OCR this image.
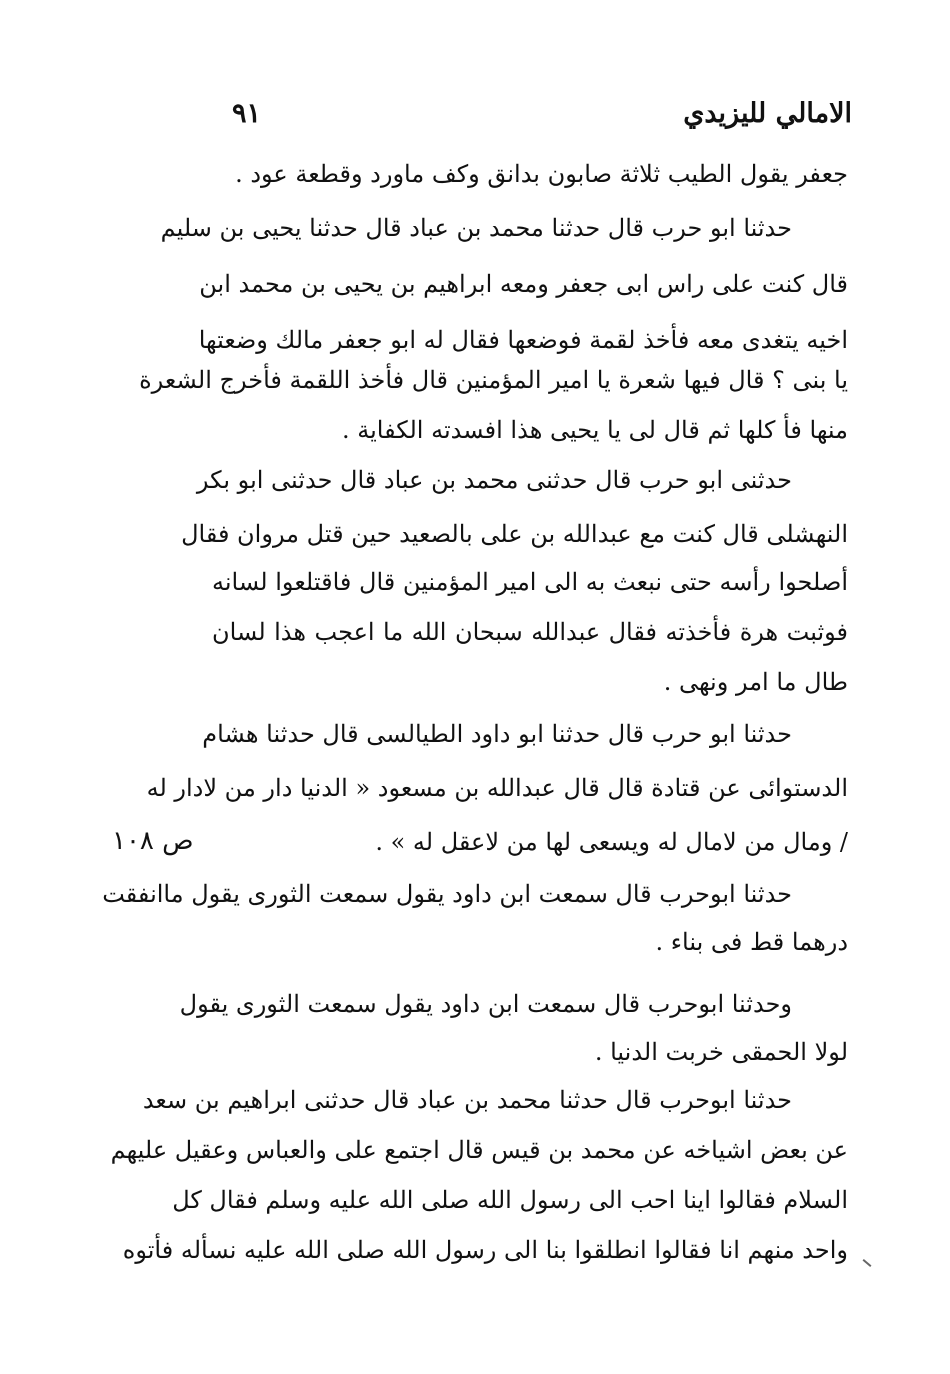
الامالي لليزيدي
٩١
جعفر يقول الطيب ثلاثة صابون بدانق وكف ماورد وقطعة عود .
حدثنا ابو حرب قال حدثنا محمد بن عباد قال حدثنا يحيى بن سليم
قال كنت على راس ابى جعفر ومعه ابراهيم بن يحيى بن محمد ابن
اخيه يتغدى معه فأخذ لقمة فوضعها فقال له ابو جعفر مالك وضعتها
يا بنى ؟ قال فيها شعرة يا امير المؤمنين قال فأخذ اللقمة فأخرج الشعرة
منها فأ كلها ثم قال لى يا يحيى هذا افسدته الكفاية .
حدثنى ابو حرب قال حدثنى محمد بن عباد قال حدثنى ابو بكر
النهشلى قال كنت مع عبدالله بن على بالصعيد حين قتل مروان فقال
أصلحوا رأسه حتى نبعث به الى امير المؤمنين قال فاقتلعوا لسانه
فوثبت هرة فأخذته فقال عبدالله سبحان الله ما اعجب هذا لسان
طال ما امر ونهى .
حدثنا ابو حرب قال حدثنا ابو داود الطيالسى قال حدثنا هشام
الدستوائى عن قتادة قال قال عبدالله بن مسعود « الدنيا دار من لادار له
/ ومال من لامال له ويسعى لها من لاعقل له » .
ص ١٠٨
حدثنا ابوحرب قال سمعت ابن داود يقول سمعت الثورى يقول ماانفقت
درهما قط فى بناء .
وحدثنا ابوحرب قال سمعت ابن داود يقول سمعت الثورى يقول
لولا الحمقى خربت الدنيا .
حدثنا ابوحرب قال حدثنا محمد بن عباد قال حدثنى ابراهيم بن سعد
عن بعض اشياخه عن محمد بن قيس قال اجتمع على والعباس وعقيل عليهم
السلام فقالوا اينا احب الى رسول الله صلى الله عليه وسلم فقال كل
واحد منهم انا فقالوا انطلقوا بنا الى رسول الله صلى الله عليه نسأله فأتوه
